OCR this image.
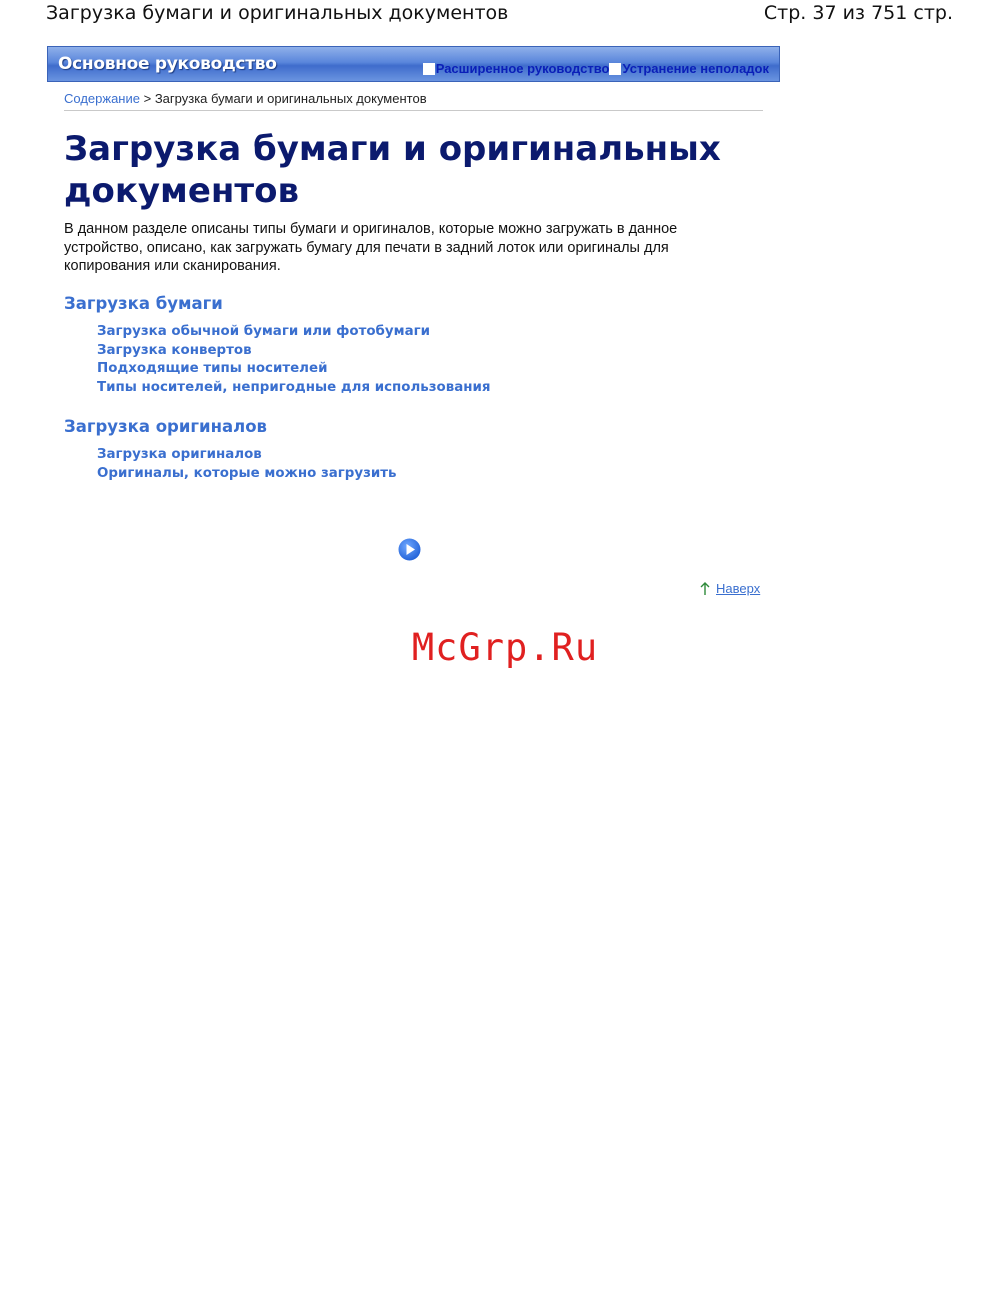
Загрузка бумаги и оригинальных документов	Стр. 37 из 751 стр.
Основное руководство	Расширенное руководство Устранение неполадок
Содержание > Загрузка бумаги и оригинальных документов
Загрузка бумаги и оригинальных документов

В данном разделе описаны типы бумаги и оригиналов, которые можно загружать в данное устройство, описано, как загружать бумагу для печати в задний лоток или оригиналы для копирования или сканирования.

Загрузка бумаги
Загрузка обычной бумаги или фотобумаги
Загрузка конвертов
Подходящие типы носителей
Типы носителей, непригодные для использования
Загрузка оригиналов
Загрузка оригиналов
Оригиналы, которые можно загрузить
Наверх
McGrp.Ru
